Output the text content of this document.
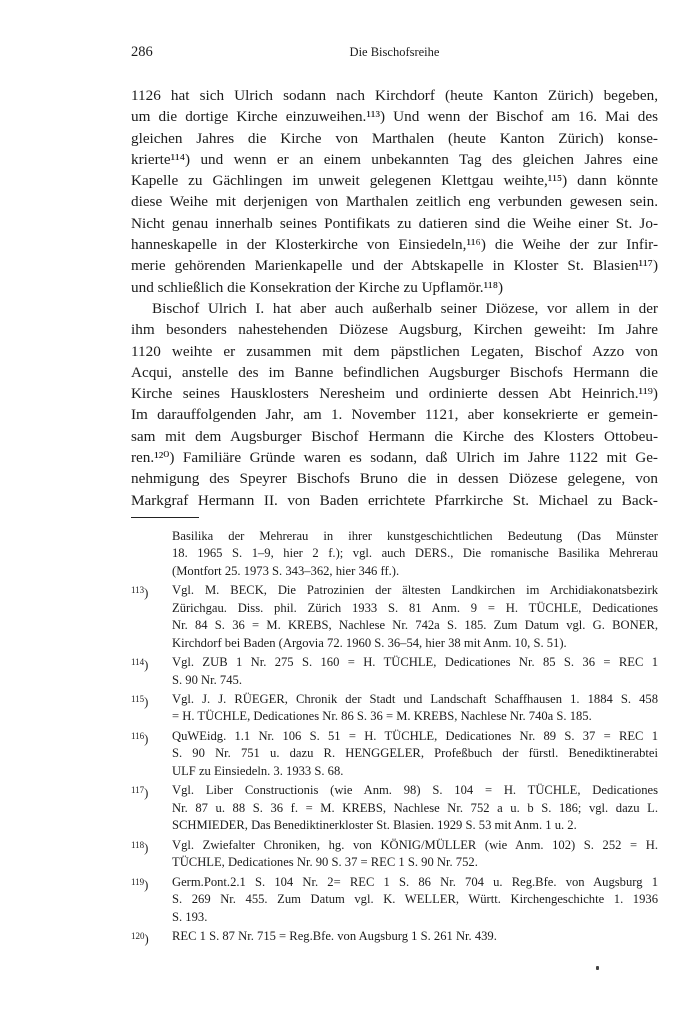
286	Die Bischofsreihe
1126 hat sich Ulrich sodann nach Kirchdorf (heute Kanton Zürich) begeben,
um die dortige Kirche einzuweihen.¹¹³) Und wenn der Bischof am 16. Mai des
gleichen Jahres die Kirche von Marthalen (heute Kanton Zürich) konse-
krierte¹¹⁴) und wenn er an einem unbekannten Tag des gleichen Jahres eine
Kapelle zu Gächlingen im unweit gelegenen Klettgau weihte,¹¹⁵) dann könnte
diese Weihe mit derjenigen von Marthalen zeitlich eng verbunden gewesen sein.
Nicht genau innerhalb seines Pontifikats zu datieren sind die Weihe einer St. Jo-
hanneskapelle in der Klosterkirche von Einsiedeln,¹¹⁶) die Weihe der zur Infir-
merie gehörenden Marienkapelle und der Abtskapelle in Kloster St. Blasien¹¹⁷)
und schließlich die Konsekration der Kirche zu Upflamör.¹¹⁸)
Bischof Ulrich I. hat aber auch außerhalb seiner Diözese, vor allem in der
ihm besonders nahestehenden Diözese Augsburg, Kirchen geweiht: Im Jahre
1120 weihte er zusammen mit dem päpstlichen Legaten, Bischof Azzo von
Acqui, anstelle des im Banne befindlichen Augsburger Bischofs Hermann die
Kirche seines Hausklosters Neresheim und ordinierte dessen Abt Heinrich.¹¹⁹)
Im darauffolgenden Jahr, am 1. November 1121, aber konsekrierte er gemein-
sam mit dem Augsburger Bischof Hermann die Kirche des Klosters Ottobeu-
ren.¹²⁰) Familiäre Gründe waren es sodann, daß Ulrich im Jahre 1122 mit Ge-
nehmigung des Speyrer Bischofs Bruno die in dessen Diözese gelegene, von
Markgraf Hermann II. von Baden errichtete Pfarrkirche St. Michael zu Back-
Basilika der Mehrerau in ihrer kunstgeschichtlichen Bedeutung (Das Münster
18. 1965 S. 1–9, hier 2 f.); vgl. auch DERS., Die romanische Basilika Mehrerau
(Montfort 25. 1973 S. 343–362, hier 346 ff.).
$^{113}$)	Vgl. M. BECK, Die Patrozinien der ältesten Landkirchen im Archidiakonatsbezirk
Zürichgau. Diss. phil. Zürich 1933 S. 81 Anm. 9 = H. TÜCHLE, Dedicationes
Nr. 84 S. 36 = M. KREBS, Nachlese Nr. 742a S. 185. Zum Datum vgl. G. BONER,
Kirchdorf bei Baden (Argovia 72. 1960 S. 36–54, hier 38 mit Anm. 10, S. 51).
$^{114}$)	Vgl. ZUB 1 Nr. 275 S. 160 = H. TÜCHLE, Dedicationes Nr. 85 S. 36 = REC 1
S. 90 Nr. 745.
$^{115}$)	Vgl. J. J. RÜEGER, Chronik der Stadt und Landschaft Schaffhausen 1. 1884 S. 458
= H. TÜCHLE, Dedicationes Nr. 86 S. 36 = M. KREBS, Nachlese Nr. 740a S. 185.
$^{116}$)	QuWEidg. 1.1 Nr. 106 S. 51 = H. TÜCHLE, Dedicationes Nr. 89 S. 37 = REC 1
S. 90 Nr. 751 u. dazu R. HENGGELER, Profeßbuch der fürstl. Benediktinerabtei
ULF zu Einsiedeln. 3. 1933 S. 68.
$^{117}$)	Vgl. Liber Constructionis (wie Anm. 98) S. 104 = H. TÜCHLE, Dedicationes
Nr. 87 u. 88 S. 36 f. = M. KREBS, Nachlese Nr. 752 a u. b S. 186; vgl. dazu L.
SCHMIEDER, Das Benediktinerkloster St. Blasien. 1929 S. 53 mit Anm. 1 u. 2.
$^{118}$)	Vgl. Zwiefalter Chroniken, hg. von KÖNIG/MÜLLER (wie Anm. 102) S. 252 = H.
TÜCHLE, Dedicationes Nr. 90 S. 37 = REC 1 S. 90 Nr. 752.
$^{119}$)	Germ.Pont.2.1 S. 104 Nr. 2= REC 1 S. 86 Nr. 704 u. Reg.Bfe. von Augsburg 1
S. 269 Nr. 455. Zum Datum vgl. K. WELLER, Württ. Kirchengeschichte 1. 1936
S. 193.
$^{120}$)	REC 1 S. 87 Nr. 715 = Reg.Bfe. von Augsburg 1 S. 261 Nr. 439.
